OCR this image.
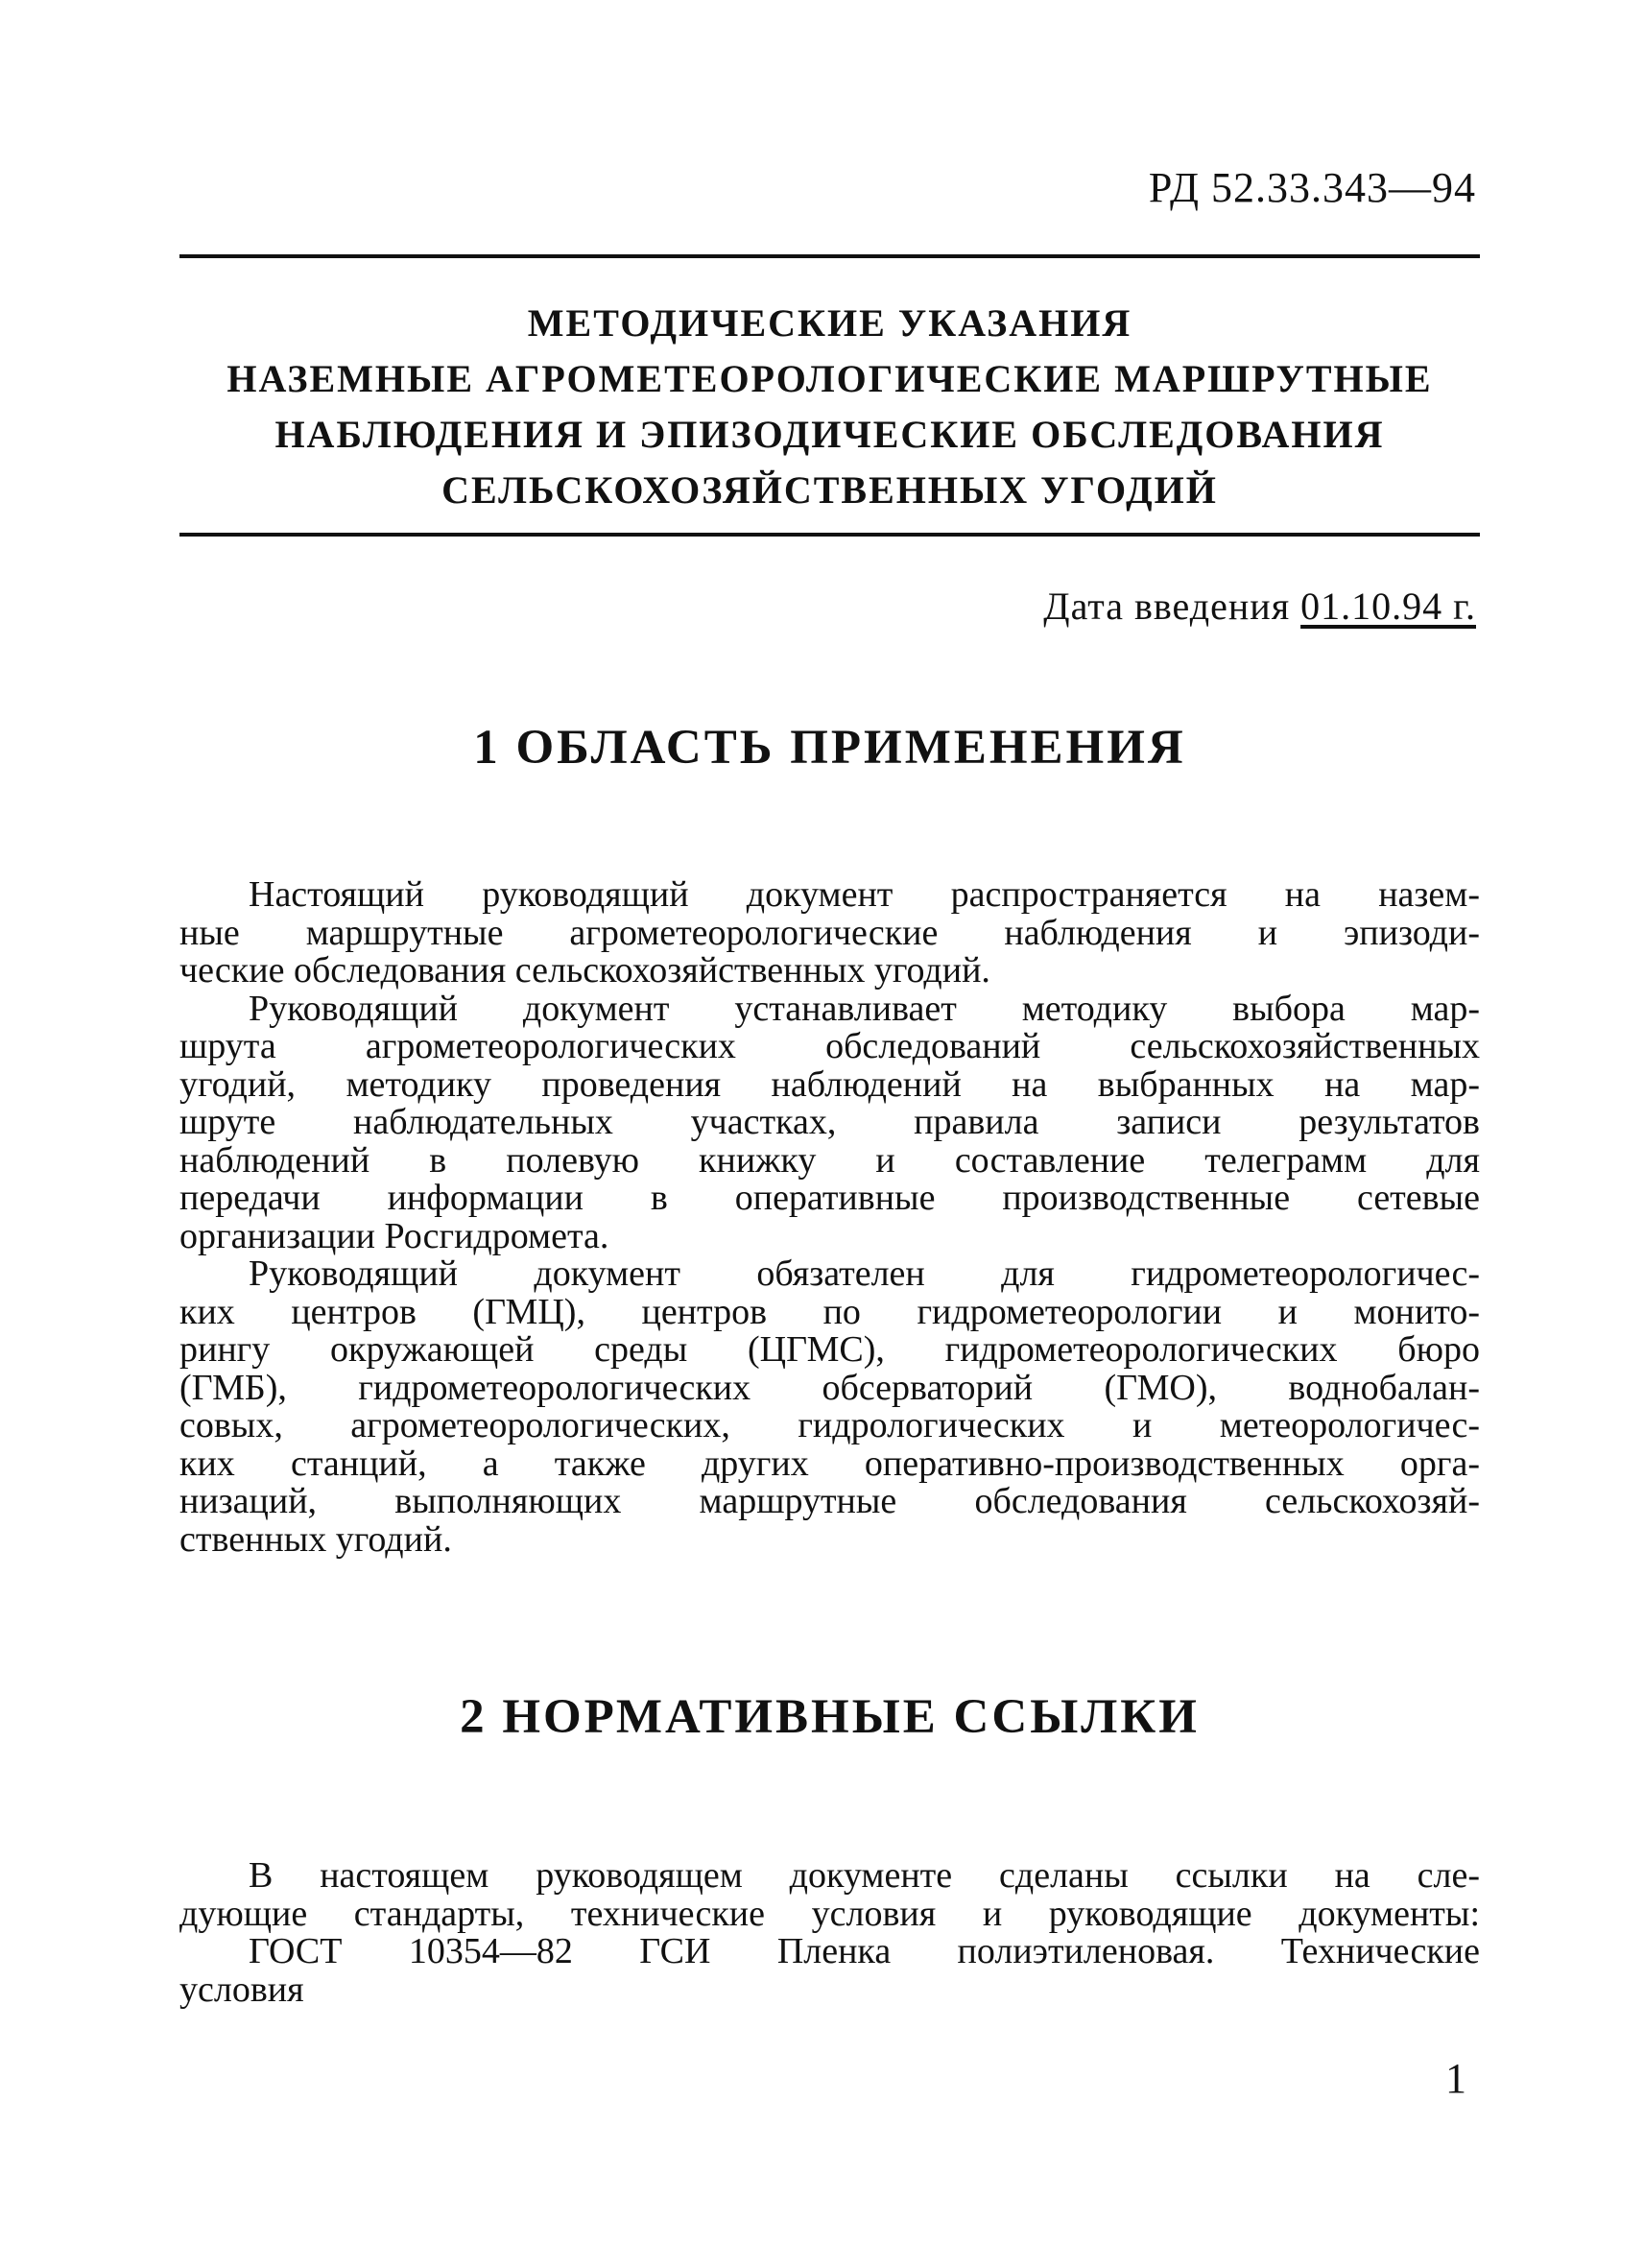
РД 52.33.343—94
МЕТОДИЧЕСКИЕ УКАЗАНИЯ
НАЗЕМНЫЕ АГРОМЕТЕОРОЛОГИЧЕСКИЕ МАРШРУТНЫЕ
НАБЛЮДЕНИЯ И ЭПИЗОДИЧЕСКИЕ ОБСЛЕДОВАНИЯ
СЕЛЬСКОХОЗЯЙСТВЕННЫХ УГОДИЙ
Дата введения 01.10.94 г.
1 ОБЛАСТЬ ПРИМЕНЕНИЯ
Настоящий руководящий документ распространяется на назем-
ные маршрутные агрометеорологические наблюдения и эпизоди-
ческие обследования сельскохозяйственных угодий.
Руководящий документ устанавливает методику выбора мар-
шрута агрометеорологических обследований сельскохозяйственных
угодий, методику проведения наблюдений на выбранных на мар-
шруте наблюдательных участках, правила записи результатов
наблюдений в полевую книжку и составление телеграмм для
передачи информации в оперативные производственные сетевые
организации Росгидромета.
Руководящий документ обязателен для гидрометеорологичес-
ких центров (ГМЦ), центров по гидрометеорологии и монито-
рингу окружающей среды (ЦГМС), гидрометеорологических бюро
(ГМБ), гидрометеорологических обсерваторий (ГМО), воднобалан-
совых, агрометеорологических, гидрологических и метеорологичес-
ких станций, а также других оперативно-производственных орга-
низаций, выполняющих маршрутные обследования сельскохозяй-
ственных угодий.
2 НОРМАТИВНЫЕ ССЫЛКИ
В настоящем руководящем документе сделаны ссылки на сле-
дующие стандарты, технические условия и руководящие документы:
ГОСТ 10354—82 ГСИ Пленка полиэтиленовая. Технические
условия
1
